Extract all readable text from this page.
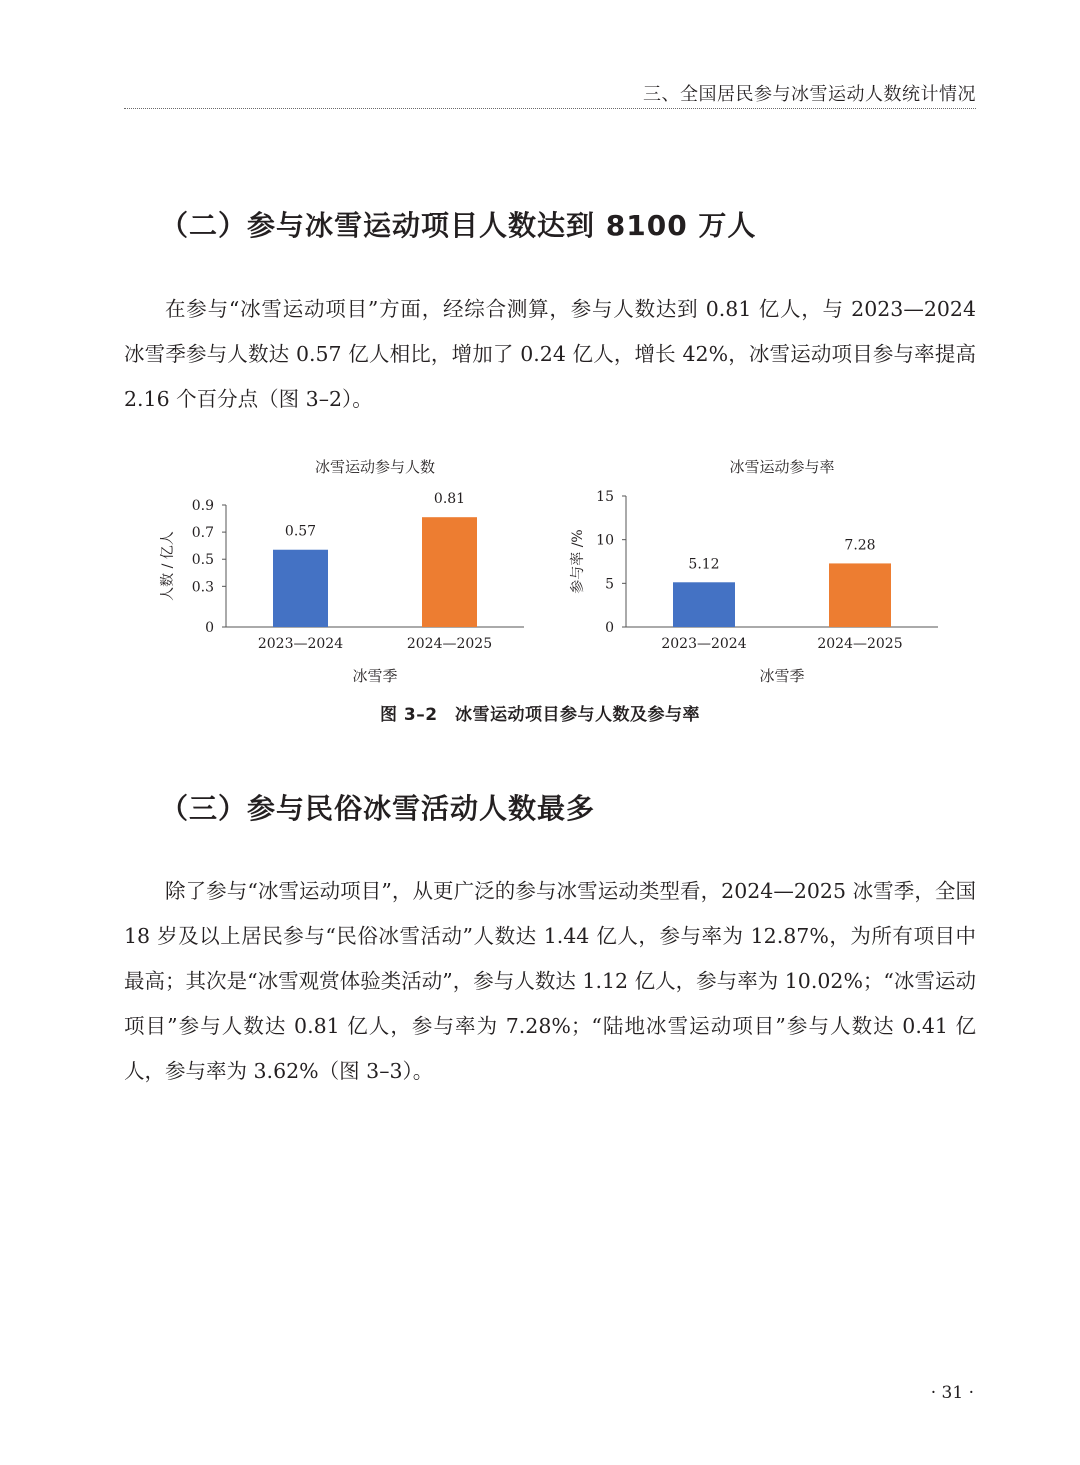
三、全国居民参与冰雪运动人数统计情况
（二）参与冰雪运动项目人数达到 8100 万人

在参与“冰雪运动项目”方面，经综合测算，参与人数达到 0.81 亿人，与 2023—2024 冰雪季参与人数达 0.57 亿人相比，增加了 0.24 亿人，增长 42%，冰雪运动项目参与率提高 2.16 个百分点（图 3–2）。

冰雪运动参与人数
0
0.3
0.5
0.7
0.9
人数 / 亿人	0.57
2023—2024
0.81
2024—2025
冰雪季
冰雪运动参与率
0
5
10
15
参与率 /%	5.12
2023—2024
7.28
2024—2025
冰雪季
图 3–2　冰雪运动项目参与人数及参与率
（三）参与民俗冰雪活动人数最多

除了参与“冰雪运动项目”，从更广泛的参与冰雪运动类型看，2024—2025 冰雪季，全国 18 岁及以上居民参与“民俗冰雪活动”人数达 1.44 亿人，参与率为 12.87%，为所有项目中最高；其次是“冰雪观赏体验类活动”，参与人数达 1.12 亿人，参与率为 10.02%；“冰雪运动项目”参与人数达 0.81 亿人，参与率为 7.28%；“陆地冰雪运动项目”参与人数达 0.41 亿人，参与率为 3.62%（图 3–3）。

· 31 ·
